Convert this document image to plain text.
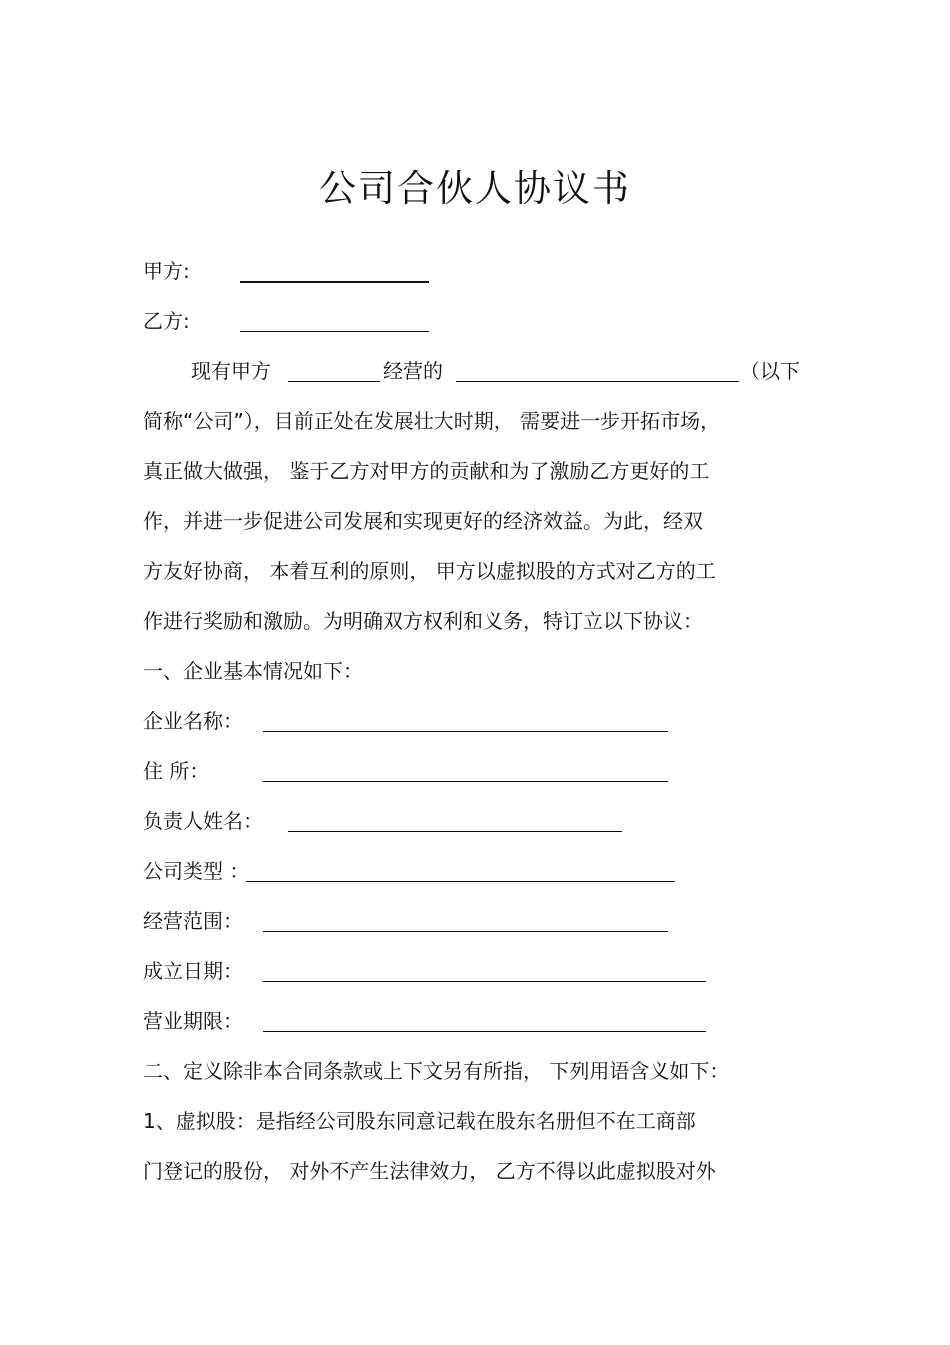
公司合伙人协议书
甲方:
乙方:
现有甲方	经营的	（以下
简称“公司”），目前正处在发展壮大时期， 需要进一步开拓市场，
真正做大做强， 鉴于乙方对甲方的贡献和为了激励乙方更好的工
作，并进一步促进公司发展和实现更好的经济效益。为此，经双
方友好协商， 本着互利的原则， 甲方以虚拟股的方式对乙方的工
作进行奖励和激励。为明确双方权利和义务，特订立以下协议：
一、企业基本情况如下：
企业名称：
住 所：
负责人姓名：
公司类型 ：
经营范围：
成立日期：
营业期限：
二、定义除非本合同条款或上下文另有所指， 下列用语含义如下：
1、虚拟股：是指经公司股东同意记载在股东名册但不在工商部
门登记的股份， 对外不产生法律效力， 乙方不得以此虚拟股对外
